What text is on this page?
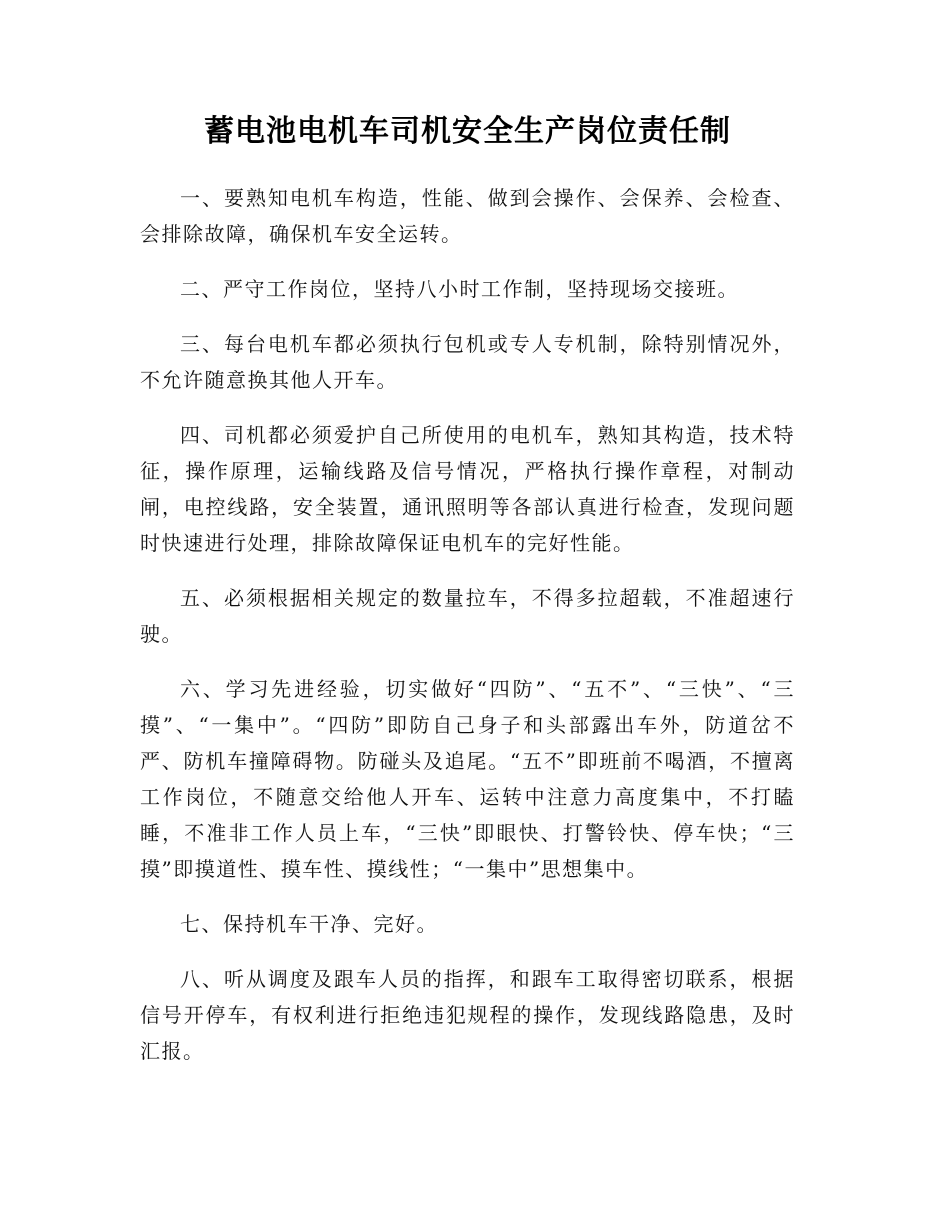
蓄电池电机车司机安全生产岗位责任制

一、要熟知电机车构造，性能、做到会操作、会保养、会检查、会排除故障，确保机车安全运转。

二、严守工作岗位，坚持八小时工作制，坚持现场交接班。

三、每台电机车都必须执行包机或专人专机制，除特别情况外，不允许随意换其他人开车。

四、司机都必须爱护自己所使用的电机车，熟知其构造，技术特征，操作原理，运输线路及信号情况，严格执行操作章程，对制动闸，电控线路，安全装置，通讯照明等各部认真进行检查，发现问题时快速进行处理，排除故障保证电机车的完好性能。

五、必须根据相关规定的数量拉车，不得多拉超载，不准超速行驶。

六、学习先进经验，切实做好“四防”、“五不”、“三快”、“三摸”、“一集中”。“四防”即防自己身子和头部露出车外，防道岔不严、防机车撞障碍物。防碰头及追尾。“五不”即班前不喝酒，不擅离工作岗位，不随意交给他人开车、运转中注意力高度集中，不打瞌睡，不准非工作人员上车，“三快”即眼快、打警铃快、停车快；“三摸”即摸道性、摸车性、摸线性；“一集中”思想集中。

七、保持机车干净、完好。

八、听从调度及跟车人员的指挥，和跟车工取得密切联系，根据信号开停车，有权利进行拒绝违犯规程的操作，发现线路隐患，及时汇报。
